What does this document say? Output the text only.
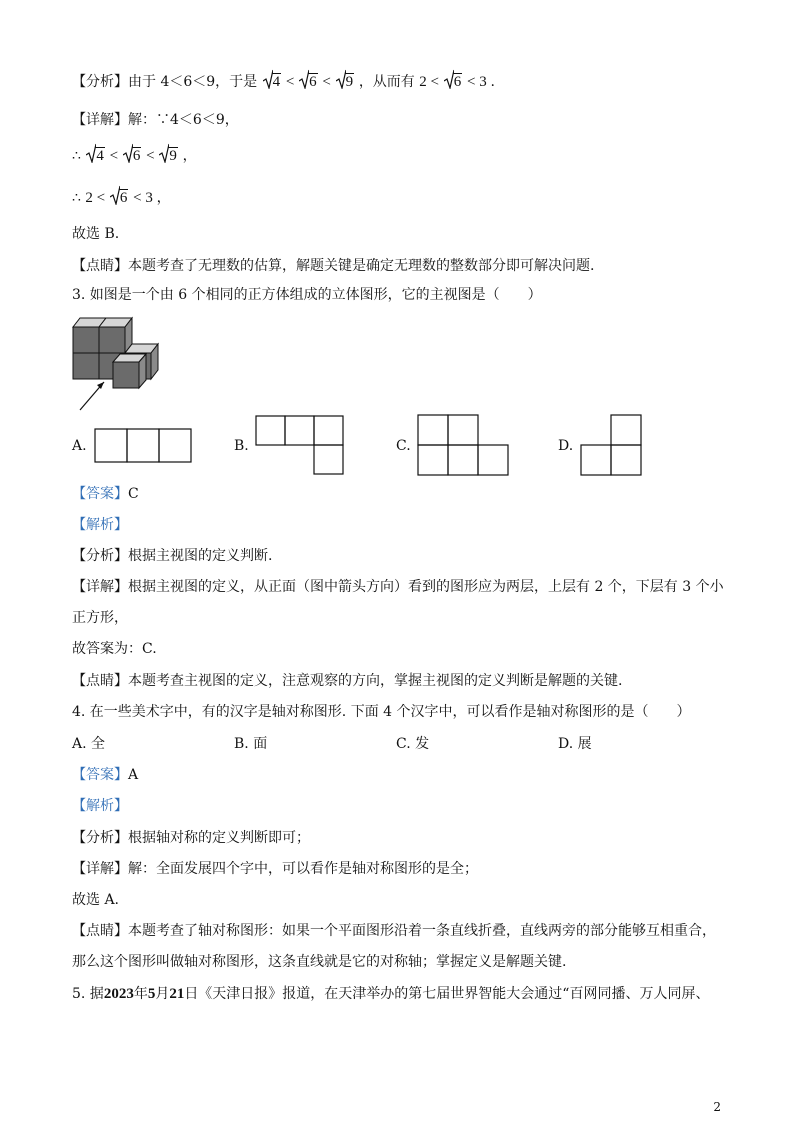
【分析】由于 4＜6＜9，于是 4 < 6 < 9 ，从而有 2 < 6 < 3 .
【详解】解：∵4＜6＜9，
∴ 4 < 6 < 9 ，
∴ 2 < 6 < 3 ，
故选 B.
【点睛】本题考查了无理数的估算，解题关键是确定无理数的整数部分即可解决问题.
3. 如图是一个由 6 个相同的正方体组成的立体图形，它的主视图是（　　）
A.	B.	C.	D.
【答案】C
【解析】
【分析】根据主视图的定义判断.
【详解】根据主视图的定义，从正面（图中箭头方向）看到的图形应为两层，上层有 2 个，下层有 3 个小
正方形，
故答案为：C.
【点睛】本题考查主视图的定义，注意观察的方向，掌握主视图的定义判断是解题的关键.
4. 在一些美术字中，有的汉字是轴对称图形. 下面 4 个汉字中，可以看作是轴对称图形的是（　　）
A. 全	B. 面	C. 发	D. 展
【答案】A
【解析】
【分析】根据轴对称的定义判断即可；
【详解】解：全面发展四个字中，可以看作是轴对称图形的是全；
故选 A.
【点睛】本题考查了轴对称图形：如果一个平面图形沿着一条直线折叠，直线两旁的部分能够互相重合，
那么这个图形叫做轴对称图形，这条直线就是它的对称轴；掌握定义是解题关键.
5. 据2023年5月21日《天津日报》报道，在天津举办的第七届世界智能大会通过“百网同播、万人同屏、
2
